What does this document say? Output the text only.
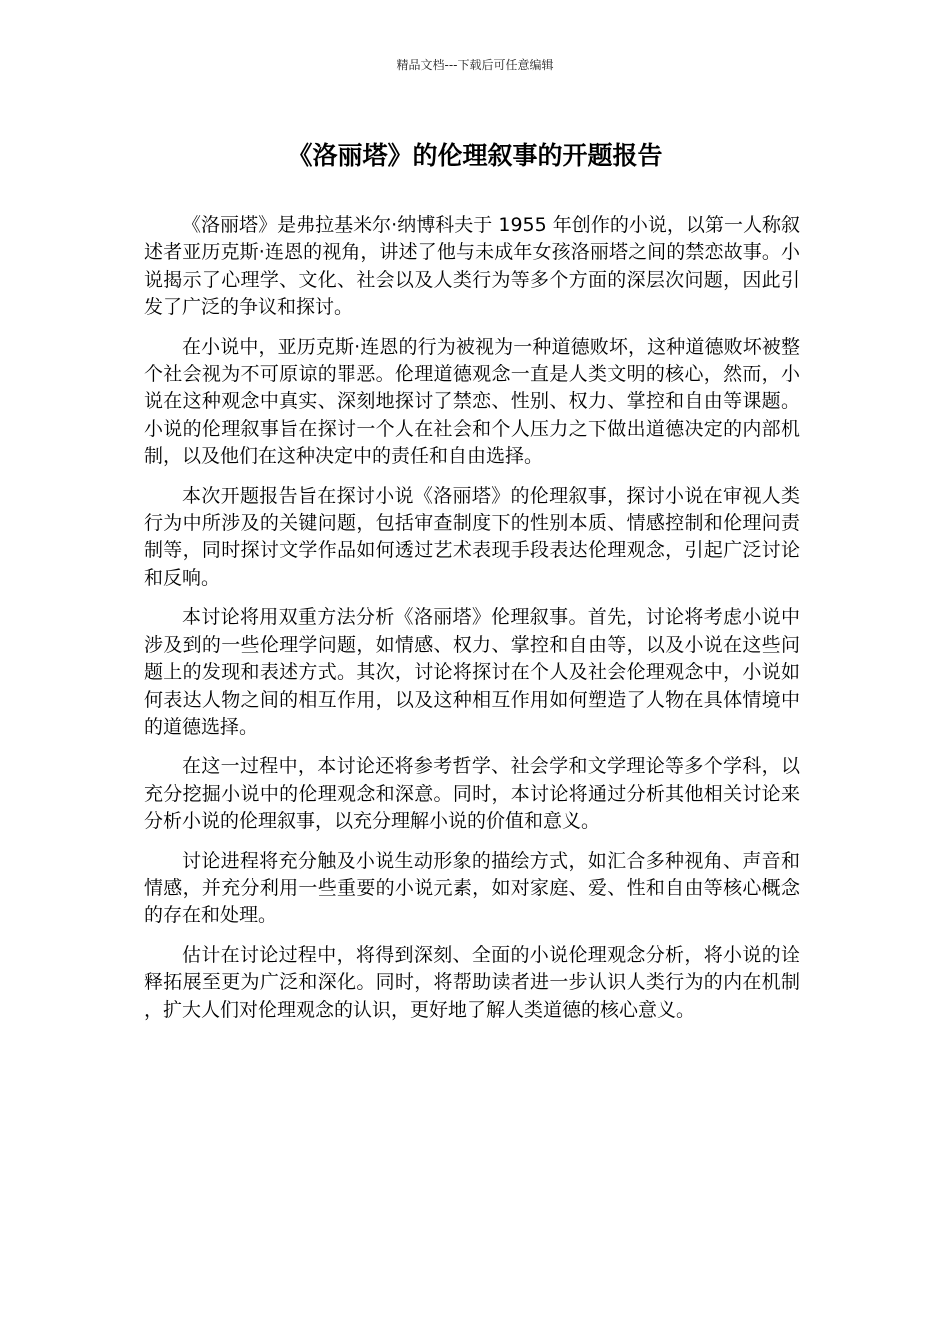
精品文档---下载后可任意编辑
《洛丽塔》的伦理叙事的开题报告

《洛丽塔》是弗拉基米尔·纳博科夫于 1955 年创作的小说，以第一人称叙述者亚历克斯·连恩的视角，讲述了他与未成年女孩洛丽塔之间的禁恋故事。小说揭示了心理学、文化、社会以及人类行为等多个方面的深层次问题，因此引发了广泛的争议和探讨。

在小说中，亚历克斯·连恩的行为被视为一种道德败坏，这种道德败坏被整个社会视为不可原谅的罪恶。伦理道德观念一直是人类文明的核心，然而，小说在这种观念中真实、深刻地探讨了禁恋、性别、权力、掌控和自由等课题。小说的伦理叙事旨在探讨一个人在社会和个人压力之下做出道德决定的内部机制，以及他们在这种决定中的责任和自由选择。

本次开题报告旨在探讨小说《洛丽塔》的伦理叙事，探讨小说在审视人类行为中所涉及的关键问题，包括审查制度下的性别本质、情感控制和伦理问责制等，同时探讨文学作品如何透过艺术表现手段表达伦理观念，引起广泛讨论和反响。

本讨论将用双重方法分析《洛丽塔》伦理叙事。首先，讨论将考虑小说中涉及到的一些伦理学问题，如情感、权力、掌控和自由等，以及小说在这些问题上的发现和表述方式。其次，讨论将探讨在个人及社会伦理观念中，小说如何表达人物之间的相互作用，以及这种相互作用如何塑造了人物在具体情境中的道德选择。

在这一过程中，本讨论还将参考哲学、社会学和文学理论等多个学科，以充分挖掘小说中的伦理观念和深意。同时，本讨论将通过分析其他相关讨论来分析小说的伦理叙事，以充分理解小说的价值和意义。

讨论进程将充分触及小说生动形象的描绘方式，如汇合多种视角、声音和情感，并充分利用一些重要的小说元素，如对家庭、爱、性和自由等核心概念的存在和处理。

估计在讨论过程中，将得到深刻、全面的小说伦理观念分析，将小说的诠释拓展至更为广泛和深化。同时，将帮助读者进一步认识人类行为的内在机制，扩大人们对伦理观念的认识，更好地了解人类道德的核心意义。
